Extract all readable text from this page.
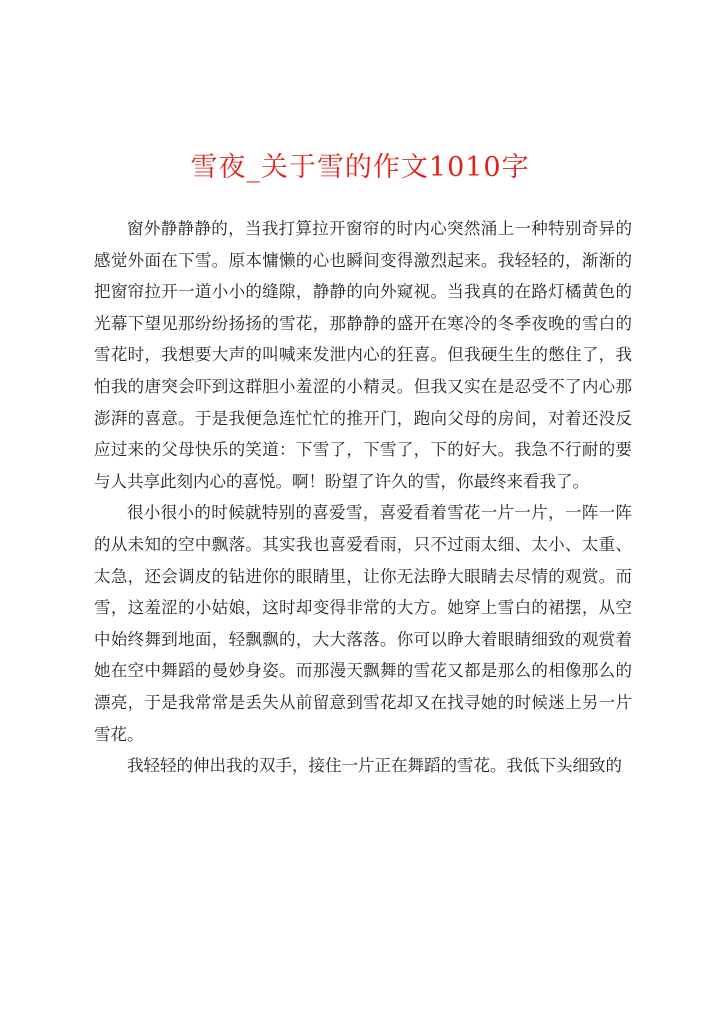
雪夜_关于雪的作文1010字

窗外静静静的，当我打算拉开窗帘的时内心突然涌上一种特别奇异的感觉外面在下雪。原本慵懒的心也瞬间变得激烈起来。我轻轻的，渐渐的把窗帘拉开一道小小的缝隙，静静的向外窥视。当我真的在路灯橘黄色的光幕下望见那纷纷扬扬的雪花，那静静的盛开在寒冷的冬季夜晚的雪白的雪花时，我想要大声的叫喊来发泄内心的狂喜。但我硬生生的憋住了，我怕我的唐突会吓到这群胆小羞涩的小精灵。但我又实在是忍受不了内心那澎湃的喜意。于是我便急连忙忙的推开门，跑向父母的房间，对着还没反应过来的父母快乐的笑道：下雪了，下雪了，下的好大。我急不行耐的要与人共享此刻内心的喜悦。啊！盼望了许久的雪，你最终来看我了。

很小很小的时候就特别的喜爱雪，喜爱看着雪花一片一片，一阵一阵的从未知的空中飘落。其实我也喜爱看雨，只不过雨太细、太小、太重、太急，还会调皮的钻进你的眼睛里，让你无法睁大眼睛去尽情的观赏。而雪，这羞涩的小姑娘，这时却变得非常的大方。她穿上雪白的裙摆，从空中始终舞到地面，轻飘飘的，大大落落。你可以睁大着眼睛细致的观赏着她在空中舞蹈的曼妙身姿。而那漫天飘舞的雪花又都是那么的相像那么的漂亮，于是我常常是丢失从前留意到雪花却又在找寻她的时候迷上另一片雪花。

我轻轻的伸出我的双手，接住一片正在舞蹈的雪花。我低下头细致的
